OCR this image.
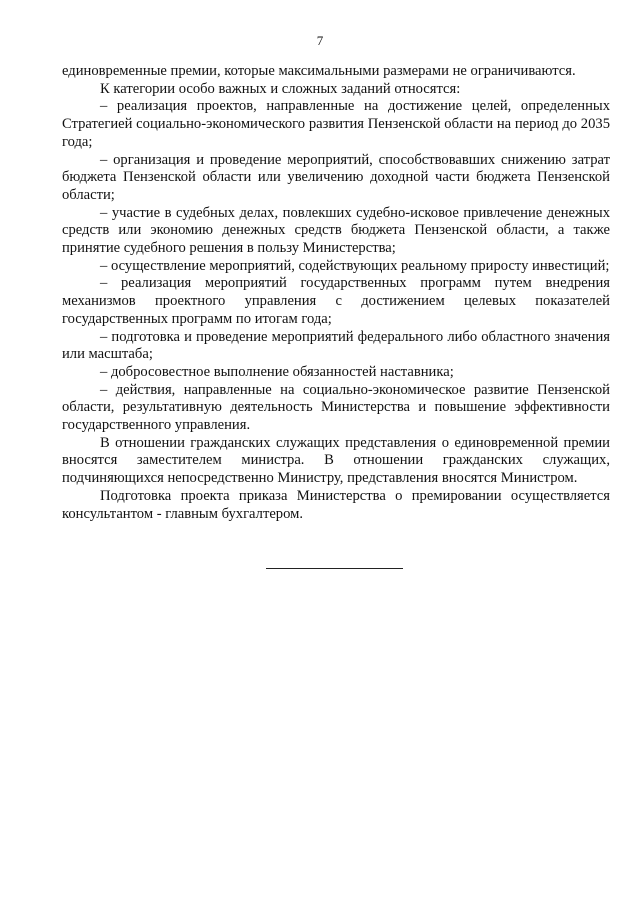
7

единовременные премии, которые максимальными размерами не ограничиваются.

К категории особо важных и сложных заданий относятся:

– реализация проектов, направленные на достижение целей, определенных Стратегией социально-экономического развития Пензенской области на период до 2035 года;

– организация и проведение мероприятий, способствовавших снижению затрат бюджета Пензенской области или увеличению доходной части бюджета Пензенской области;

– участие в судебных делах, повлекших судебно-исковое привлечение денежных средств или экономию денежных средств бюджета Пензенской области, а также принятие судебного решения в пользу Министерства;

– осуществление мероприятий, содействующих реальному приросту инвестиций;

– реализация мероприятий государственных программ путем внедрения механизмов проектного управления с достижением целевых показателей государственных программ по итогам года;

– подготовка и проведение мероприятий федерального либо областного значения или масштаба;

– добросовестное выполнение обязанностей наставника;

– действия, направленные на социально-экономическое развитие Пензенской области, результативную деятельность Министерства и повышение эффективности государственного управления.

В отношении гражданских служащих представления о единовременной премии вносятся заместителем министра. В отношении гражданских служащих, подчиняющихся непосредственно Министру, представления вносятся Министром.

Подготовка проекта приказа Министерства о премировании осуществляется консультантом - главным бухгалтером.
